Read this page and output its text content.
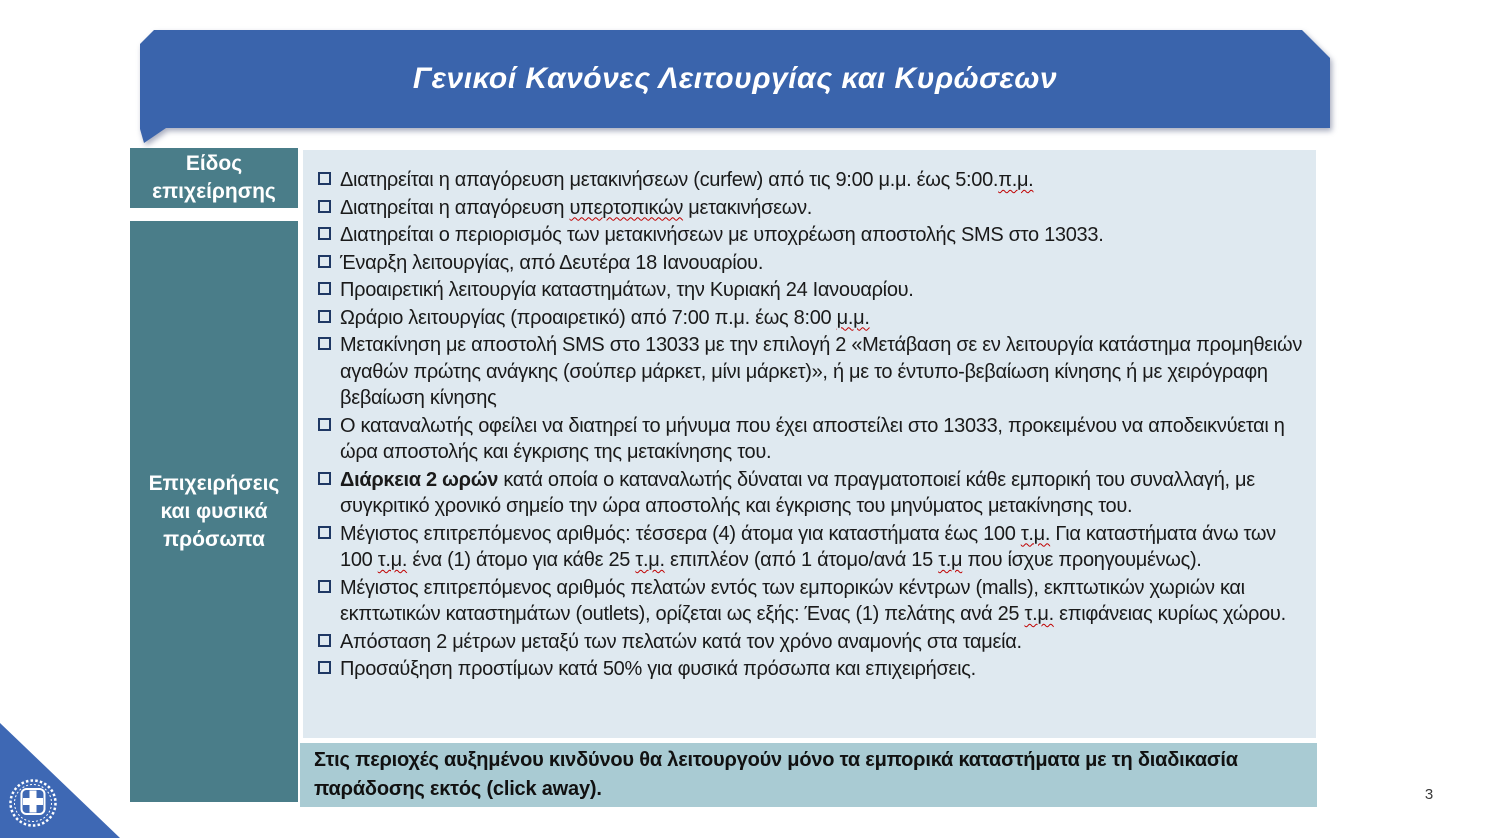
Γενικοί Κανόνες Λειτουργίας και Κυρώσεων
Είδος επιχείρησης
Επιχειρήσεις και φυσικά πρόσωπα
Διατηρείται η απαγόρευση μετακινήσεων (curfew) από τις 9:00 μ.μ. έως 5:00.π.μ.
Διατηρείται η απαγόρευση υπερτοπικών μετακινήσεων.
Διατηρείται ο περιορισμός των μετακινήσεων με υποχρέωση αποστολής SMS στο 13033.
Έναρξη λειτουργίας, από Δευτέρα 18 Ιανουαρίου.
Προαιρετική λειτουργία καταστημάτων, την Κυριακή 24 Ιανουαρίου.
Ωράριο λειτουργίας (προαιρετικό) από 7:00 π.μ. έως 8:00 μ.μ.
Μετακίνηση με αποστολή SMS στο 13033 με την επιλογή 2 «Μετάβαση σε εν λειτουργία κατάστημα προμηθειών αγαθών πρώτης ανάγκης (σούπερ μάρκετ, μίνι μάρκετ)», ή με το έντυπο-βεβαίωση κίνησης ή με χειρόγραφη βεβαίωση κίνησης
Ο καταναλωτής οφείλει να διατηρεί το μήνυμα που έχει αποστείλει στο 13033, προκειμένου να αποδεικνύεται η ώρα αποστολής και έγκρισης της μετακίνησης του.
Διάρκεια 2 ωρών κατά οποία ο καταναλωτής δύναται να πραγματοποιεί κάθε εμπορική του συναλλαγή, με συγκριτικό χρονικό σημείο την ώρα αποστολής και έγκρισης του μηνύματος μετακίνησης του.
Μέγιστος επιτρεπόμενος αριθμός: τέσσερα (4) άτομα για καταστήματα έως 100 τ.μ. Για καταστήματα άνω των 100 τ.μ. ένα (1) άτομο για κάθε 25 τ.μ. επιπλέον (από 1 άτομο/ανά 15 τ.μ που ίσχυε προηγουμένως).
Μέγιστος επιτρεπόμενος αριθμός πελατών εντός των εμπορικών κέντρων (malls), εκπτωτικών χωριών και εκπτωτικών καταστημάτων (outlets), ορίζεται ως εξής: Ένας (1) πελάτης ανά 25 τ.μ. επιφάνειας κυρίως χώρου.
Απόσταση 2 μέτρων μεταξύ των πελατών κατά τον χρόνο αναμονής στα ταμεία.
Προσαύξηση προστίμων κατά 50% για φυσικά πρόσωπα και επιχειρήσεις.
Στις περιοχές αυξημένου κινδύνου θα λειτουργούν μόνο τα εμπορικά καταστήματα με τη διαδικασία παράδοσης εκτός (click away).	3
